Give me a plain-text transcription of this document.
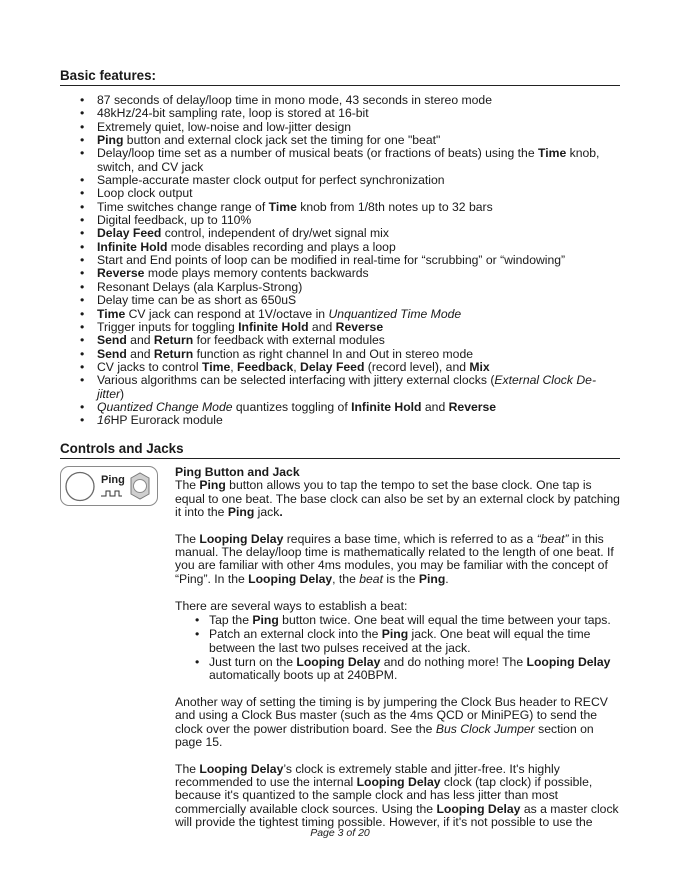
Basic features:
• 87 seconds of delay/loop time in mono mode, 43 seconds in stereo mode
• 48kHz/24-bit sampling rate, loop is stored at 16-bit
• Extremely quiet, low-noise and low-jitter design
• Ping button and external clock jack set the timing for one "beat"
• Delay/loop time set as a number of musical beats (or fractions of beats) using the Time knob, switch, and CV jack
• Sample-accurate master clock output for perfect synchronization
• Loop clock output
• Time switches change range of Time knob from 1/8th notes up to 32 bars
• Digital feedback, up to 110%
• Delay Feed control, independent of dry/wet signal mix
• Infinite Hold mode disables recording and plays a loop
• Start and End points of loop can be modified in real-time for “scrubbing” or “windowing”
• Reverse mode plays memory contents backwards
• Resonant Delays (ala Karplus-Strong)
• Delay time can be as short as 650uS
• Time CV jack can respond at 1V/octave in Unquantized Time Mode
• Trigger inputs for toggling Infinite Hold and Reverse
• Send and Return for feedback with external modules
• Send and Return function as right channel In and Out in stereo mode
• CV jacks to control Time, Feedback, Delay Feed (record level), and Mix
• Various algorithms can be selected interfacing with jittery external clocks (External Clock De-jitter)
• Quantized Change Mode quantizes toggling of Infinite Hold and Reverse
• 16HP Eurorack module
Controls and Jacks
Ping

Ping Button and Jack

The Ping button allows you to tap the tempo to set the base clock. One tap is equal to one beat. The base clock can also be set by an external clock by patching it into the Ping jack.

The Looping Delay requires a base time, which is referred to as a “beat” in this manual. The delay/loop time is mathematically related to the length of one beat. If you are familiar with other 4ms modules, you may be familiar with the concept of “Ping”. In the Looping Delay, the beat is the Ping.

There are several ways to establish a beat:

• Tap the Ping button twice. One beat will equal the time between your taps.
• Patch an external clock into the Ping jack. One beat will equal the time between the last two pulses received at the jack.
• Just turn on the Looping Delay and do nothing more! The Looping Delay automatically boots up at 240BPM.

Another way of setting the timing is by jumpering the Clock Bus header to RECV and using a Clock Bus master (such as the 4ms QCD or MiniPEG) to send the clock over the power distribution board. See the Bus Clock Jumper section on page 15.

The Looping Delay’s clock is extremely stable and jitter-free. It's highly recommended to use the internal Looping Delay clock (tap clock) if possible, because it's quantized to the sample clock and has less jitter than most commercially available clock sources. Using the Looping Delay as a master clock will provide the tightest timing possible. However, if it's not possible to use the

Page 3 of 20
